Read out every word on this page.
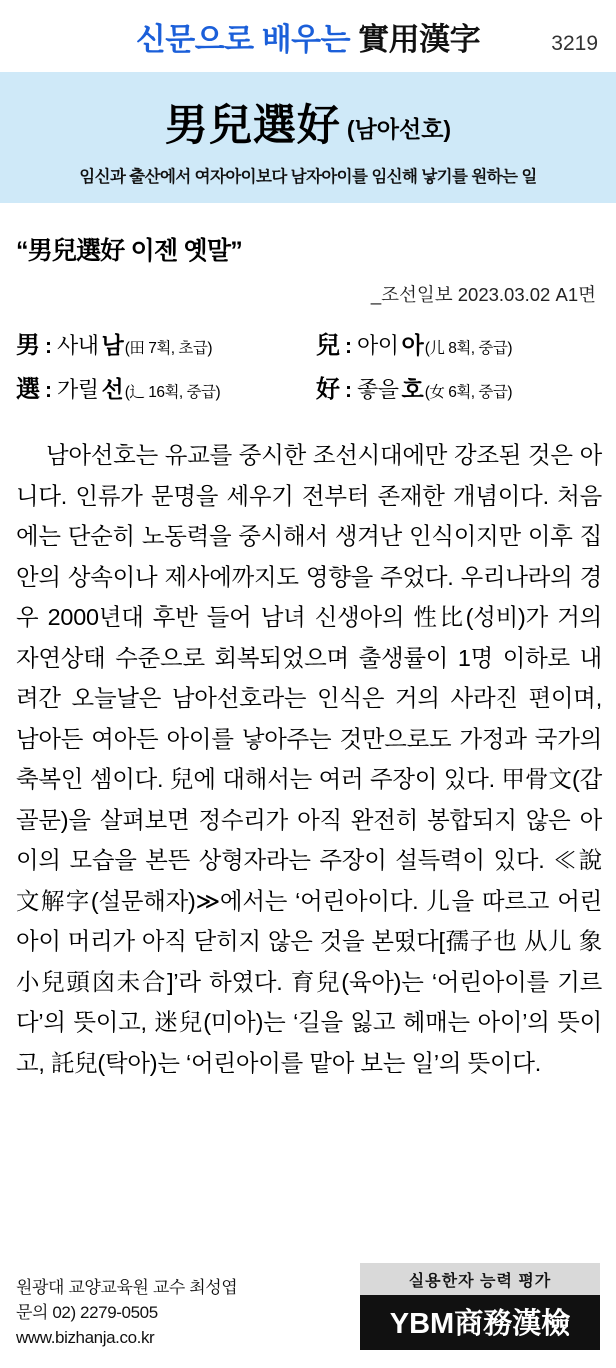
신문으로 배우는 實用漢字	3219
男兒選好 (남아선호)
임신과 출산에서 여자아이보다 남자아이를 임신해 낳기를 원하는 일
“男兒選好 이젠 옛말”
_조선일보 2023.03.02 A1면
男 : 사내 남 (田 7획, 초급)	兒 : 아이 아 (儿 8획, 중급)
選 : 가릴 선 (辶 16획, 중급)	好 : 좋을 호 (女 6획, 중급)

남아선호는 유교를 중시한 조선시대에만 강조된 것은 아니다. 인류가 문명을 세우기 전부터 존재한 개념이다. 처음에는 단순히 노동력을 중시해서 생겨난 인식이지만 이후 집안의 상속이나 제사에까지도 영향을 주었다. 우리나라의 경우 2000년대 후반 들어 남녀 신생아의 性比(성비)가 거의 자연상태 수준으로 회복되었으며 출생률이 1명 이하로 내려간 오늘날은 남아선호라는 인식은 거의 사라진 편이며, 남아든 여아든 아이를 낳아주는 것만으로도 가정과 국가의 축복인 셈이다. 兒에 대해서는 여러 주장이 있다. 甲骨文(갑골문)을 살펴보면 정수리가 아직 완전히 봉합되지 않은 아이의 모습을 본뜬 상형자라는 주장이 설득력이 있다. ≪說文解字(설문해자)≫에서는 ‘어린아이다. 儿을 따르고 어린아이 머리가 아직 닫히지 않은 것을 본떴다[孺子也 从儿 象小兒頭囟未合]’라 하였다. 育兒(육아)는 ‘어린아이를 기르다’의 뜻이고, 迷兒(미아)는 ‘길을 잃고 헤매는 아이’의 뜻이고, 託兒(탁아)는 ‘어린아이를 맡아 보는 일’의 뜻이다.

원광대 교양교육원 교수 최성엽
문의 02) 2279-0505
www.bizhanja.co.kr
실용한자 능력 평가
YBM商務漢檢
